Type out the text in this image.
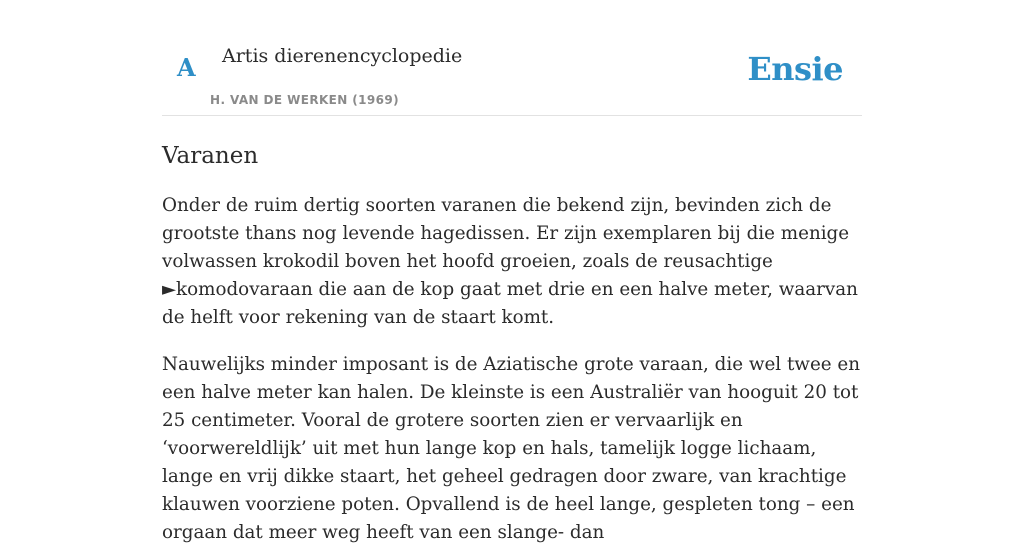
A Artis dierenencyclopedie
H. VAN DE WERKEN (1969)
Ensie
Varanen

Onder de ruim dertig soorten varanen die bekend zijn, bevinden zich de grootste thans nog levende hagedissen. Er zijn exemplaren bij die menige volwassen krokodil boven het hoofd groeien, zoals de reusachtige ►komodovaraan die aan de kop gaat met drie en een halve meter, waarvan de helft voor rekening van de staart komt.

Nauwelijks minder imposant is de Aziatische grote varaan, die wel twee en een halve meter kan halen. De kleinste is een Australiër van hooguit 20 tot 25 centimeter. Vooral de grotere soorten zien er vervaarlijk en ‘voorwereldlijk’ uit met hun lange kop en hals, tamelijk logge lichaam, lange en vrij dikke staart, het geheel gedragen door zware, van krachtige klauwen voorziene poten. Opvallend is de heel lange, gespleten tong – een orgaan dat meer weg heeft van een slange- dan
